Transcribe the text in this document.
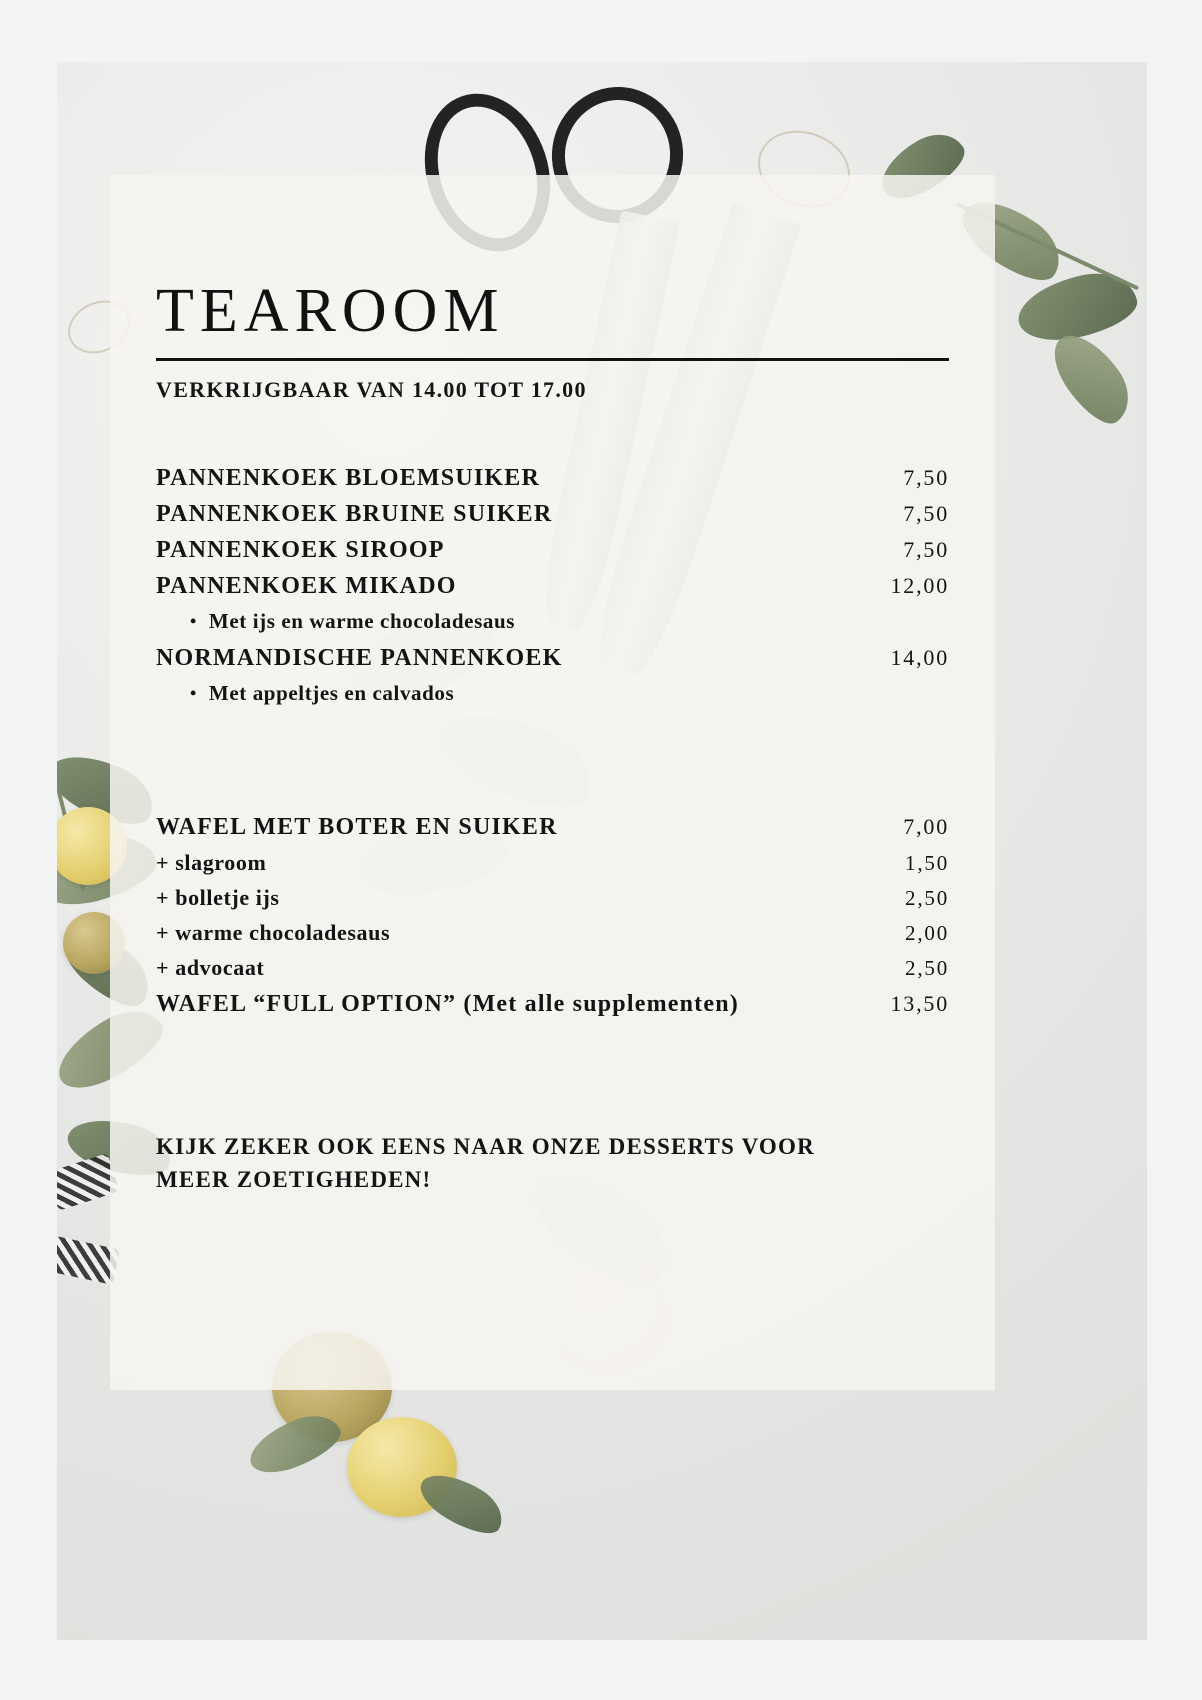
TEAROOM
VERKRIJGBAAR VAN 14.00 TOT 17.00
PANNENKOEK BLOEMSUIKER	7,50
PANNENKOEK BRUINE SUIKER	7,50
PANNENKOEK SIROOP	7,50
PANNENKOEK MIKADO	12,00
• Met ijs en warme chocoladesaus
NORMANDISCHE PANNENKOEK	14,00
• Met appeltjes en calvados
WAFEL MET BOTER EN SUIKER	7,00
+ slagroom	1,50
+ bolletje ijs	2,50
+ warme chocoladesaus	2,00
+ advocaat	2,50
WAFEL “FULL OPTION” (Met alle supplementen)	13,50
KIJK ZEKER OOK EENS NAAR ONZE DESSERTS VOOR MEER ZOETIGHEDEN!
